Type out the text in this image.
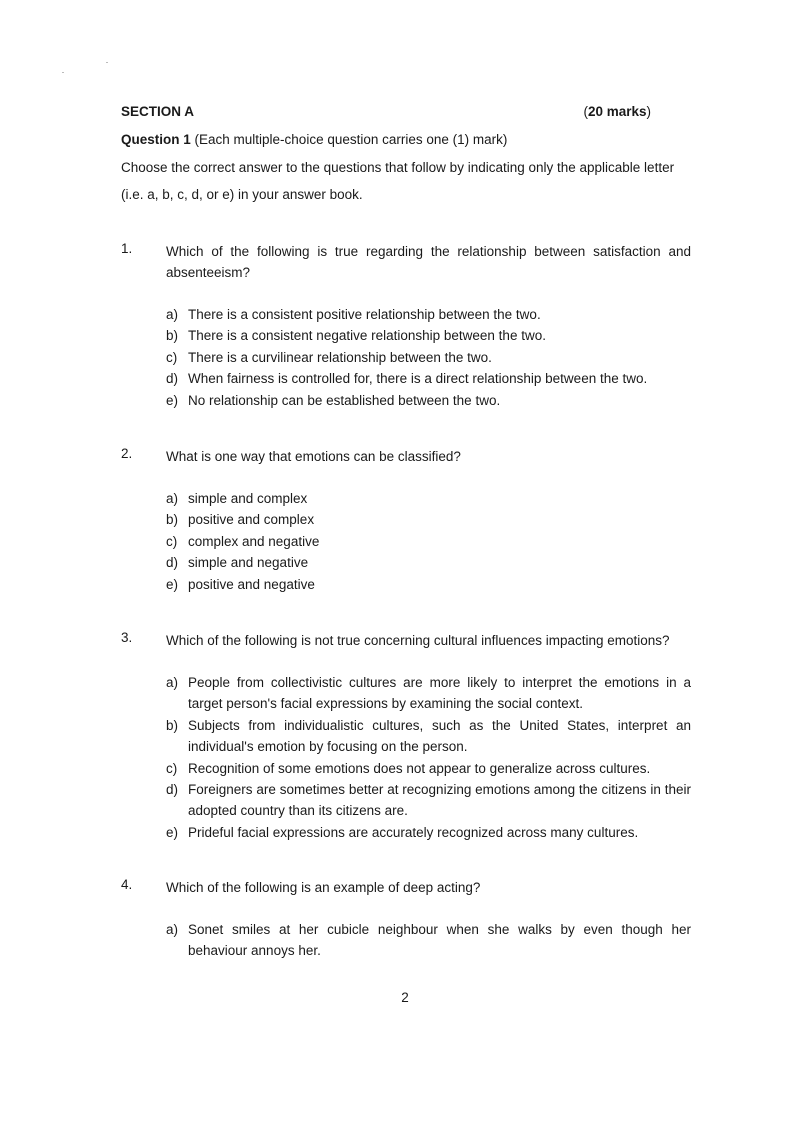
SECTION A	(20 marks)
Question 1 (Each multiple-choice question carries one (1) mark)
Choose the correct answer to the questions that follow by indicating only the applicable letter
(i.e. a, b, c, d, or e) in your answer book.
1.	Which of the following is true regarding the relationship between satisfaction and absenteeism?
a) There is a consistent positive relationship between the two.
b) There is a consistent negative relationship between the two.
c) There is a curvilinear relationship between the two.
d) When fairness is controlled for, there is a direct relationship between the two.
e) No relationship can be established between the two.
2.	What is one way that emotions can be classified?
a) simple and complex
b) positive and complex
c) complex and negative
d) simple and negative
e) positive and negative
3.	Which of the following is not true concerning cultural influences impacting emotions?
a) People from collectivistic cultures are more likely to interpret the emotions in a target person's facial expressions by examining the social context.
b) Subjects from individualistic cultures, such as the United States, interpret an individual's emotion by focusing on the person.
c) Recognition of some emotions does not appear to generalize across cultures.
d) Foreigners are sometimes better at recognizing emotions among the citizens in their adopted country than its citizens are.
e) Prideful facial expressions are accurately recognized across many cultures.
4.	Which of the following is an example of deep acting?
a) Sonet smiles at her cubicle neighbour when she walks by even though her behaviour annoys her.
2
